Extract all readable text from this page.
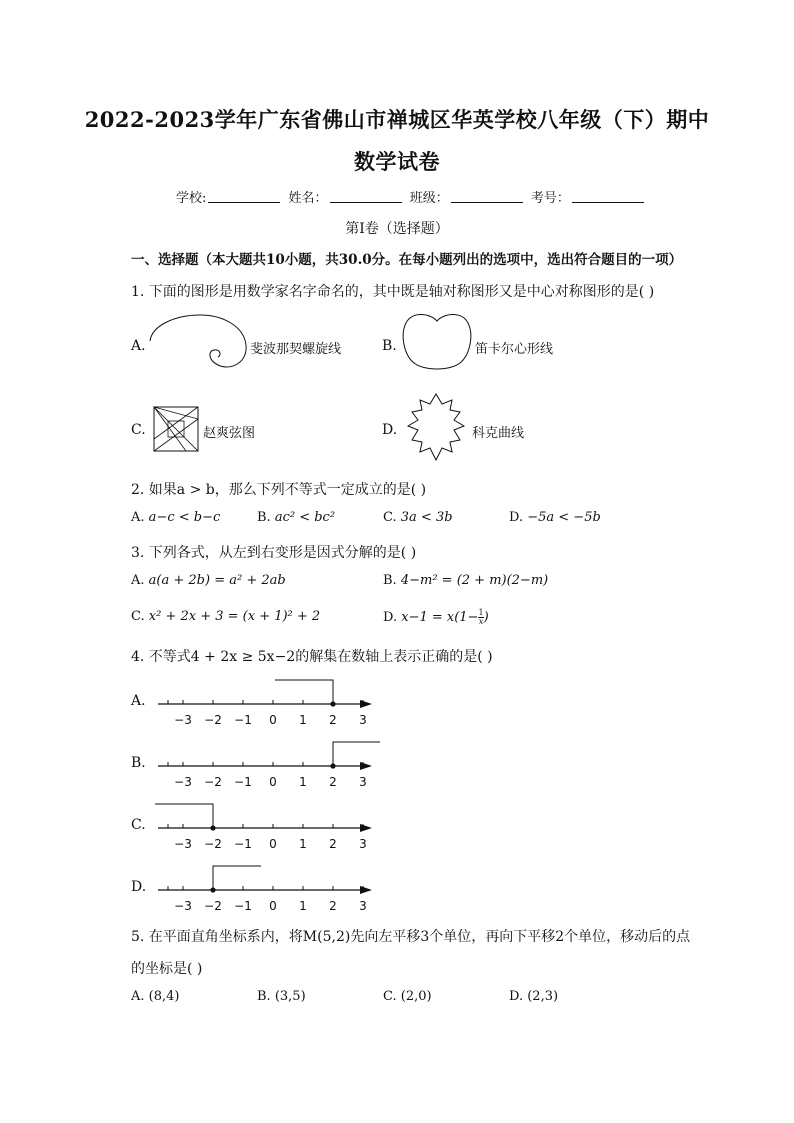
2022-2023学年广东省佛山市禅城区华英学校八年级（下）期中
数学试卷
学校:	姓名：	班级：	考号：
第I卷（选择题）
一、选择题（本大题共10小题，共30.0分。在每小题列出的选项中，选出符合题目的一项）
1. 下面的图形是用数学家名字命名的，其中既是轴对称图形又是中心对称图形的是( )
A.	斐波那契螺旋线	B.	笛卡尔心形线
C.	赵爽弦图	D.	科克曲线
2. 如果a > b，那么下列不等式一定成立的是( )
A. a−c < b−c	B. ac² < bc²	C. 3a < 3b	D. −5a < −5b
3. 下列各式，从左到右变形是因式分解的是( )
A. a(a + 2b) = a² + 2ab	B. 4−m² = (2 + m)(2−m)
C. x² + 2x + 3 = (x + 1)² + 2	D. $x-1 = x(1- \frac{1}{x}$ )
4. 不等式4 + 2x ≥ 5x−2的解集在数轴上表示正确的是( )
A.
−3 −2 −1 0 1 2 3
B.
−3 −2 −1 0 1 2 3
C.
−3 −2 −1 0 1 2 3
D.
−3 −2 −1 0 1 2 3
5. 在平面直角坐标系内，将M(5,2)先向左平移3个单位，再向下平移2个单位，移动后的点
的坐标是( )
A. (8,4)	B. (3,5)	C. (2,0)	D. (2,3)
